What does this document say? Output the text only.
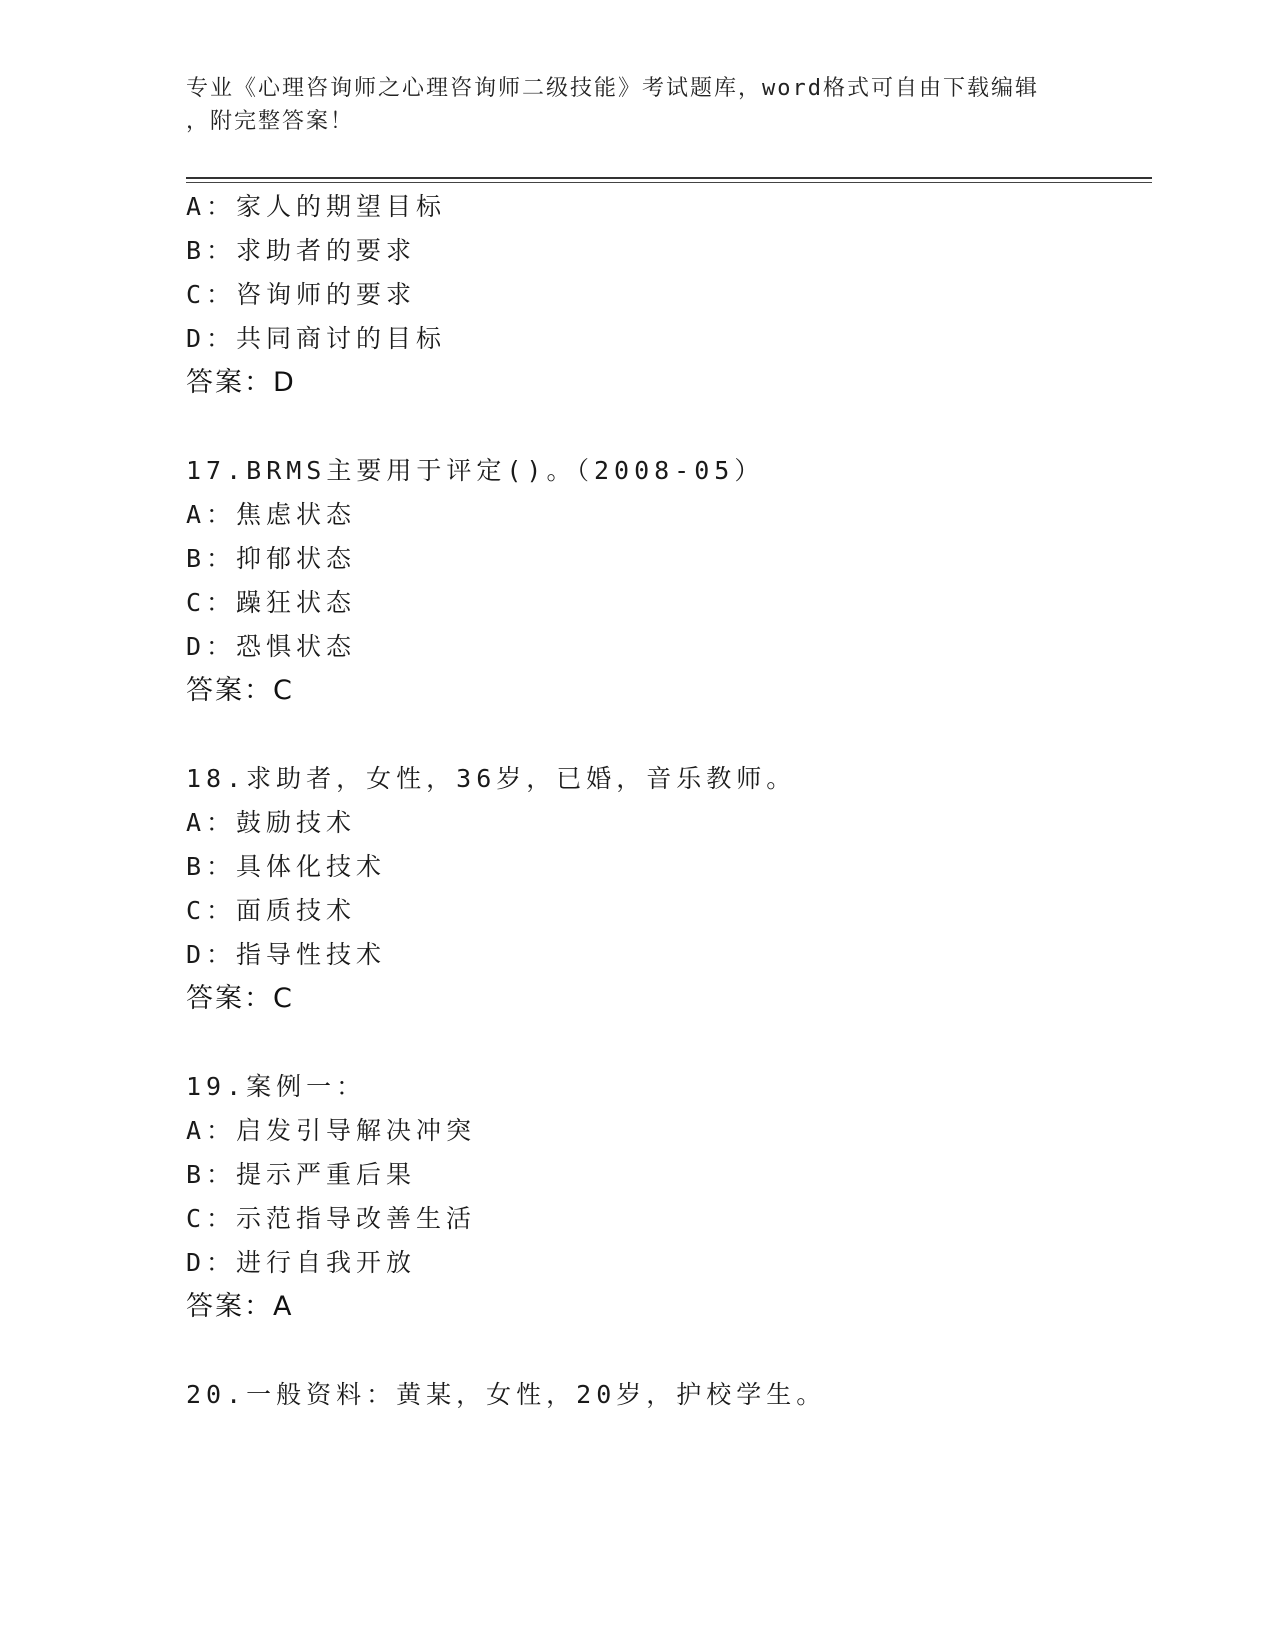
专业《心理咨询师之心理咨询师二级技能》考试题库，word格式可自由下载编辑
，附完整答案！
A：家人的期望目标
B：求助者的要求
C：咨询师的要求
D：共同商讨的目标
答案：D
17.BRMS主要用于评定()。（2008-05）
A：焦虑状态
B：抑郁状态
C：躁狂状态
D：恐惧状态
答案：C
18.求助者，女性，36岁，已婚，音乐教师。
A：鼓励技术
B：具体化技术
C：面质技术
D：指导性技术
答案：C
19.案例一：
A：启发引导解决冲突
B：提示严重后果
C：示范指导改善生活
D：进行自我开放
答案：A
20.一般资料：黄某，女性，20岁，护校学生。
